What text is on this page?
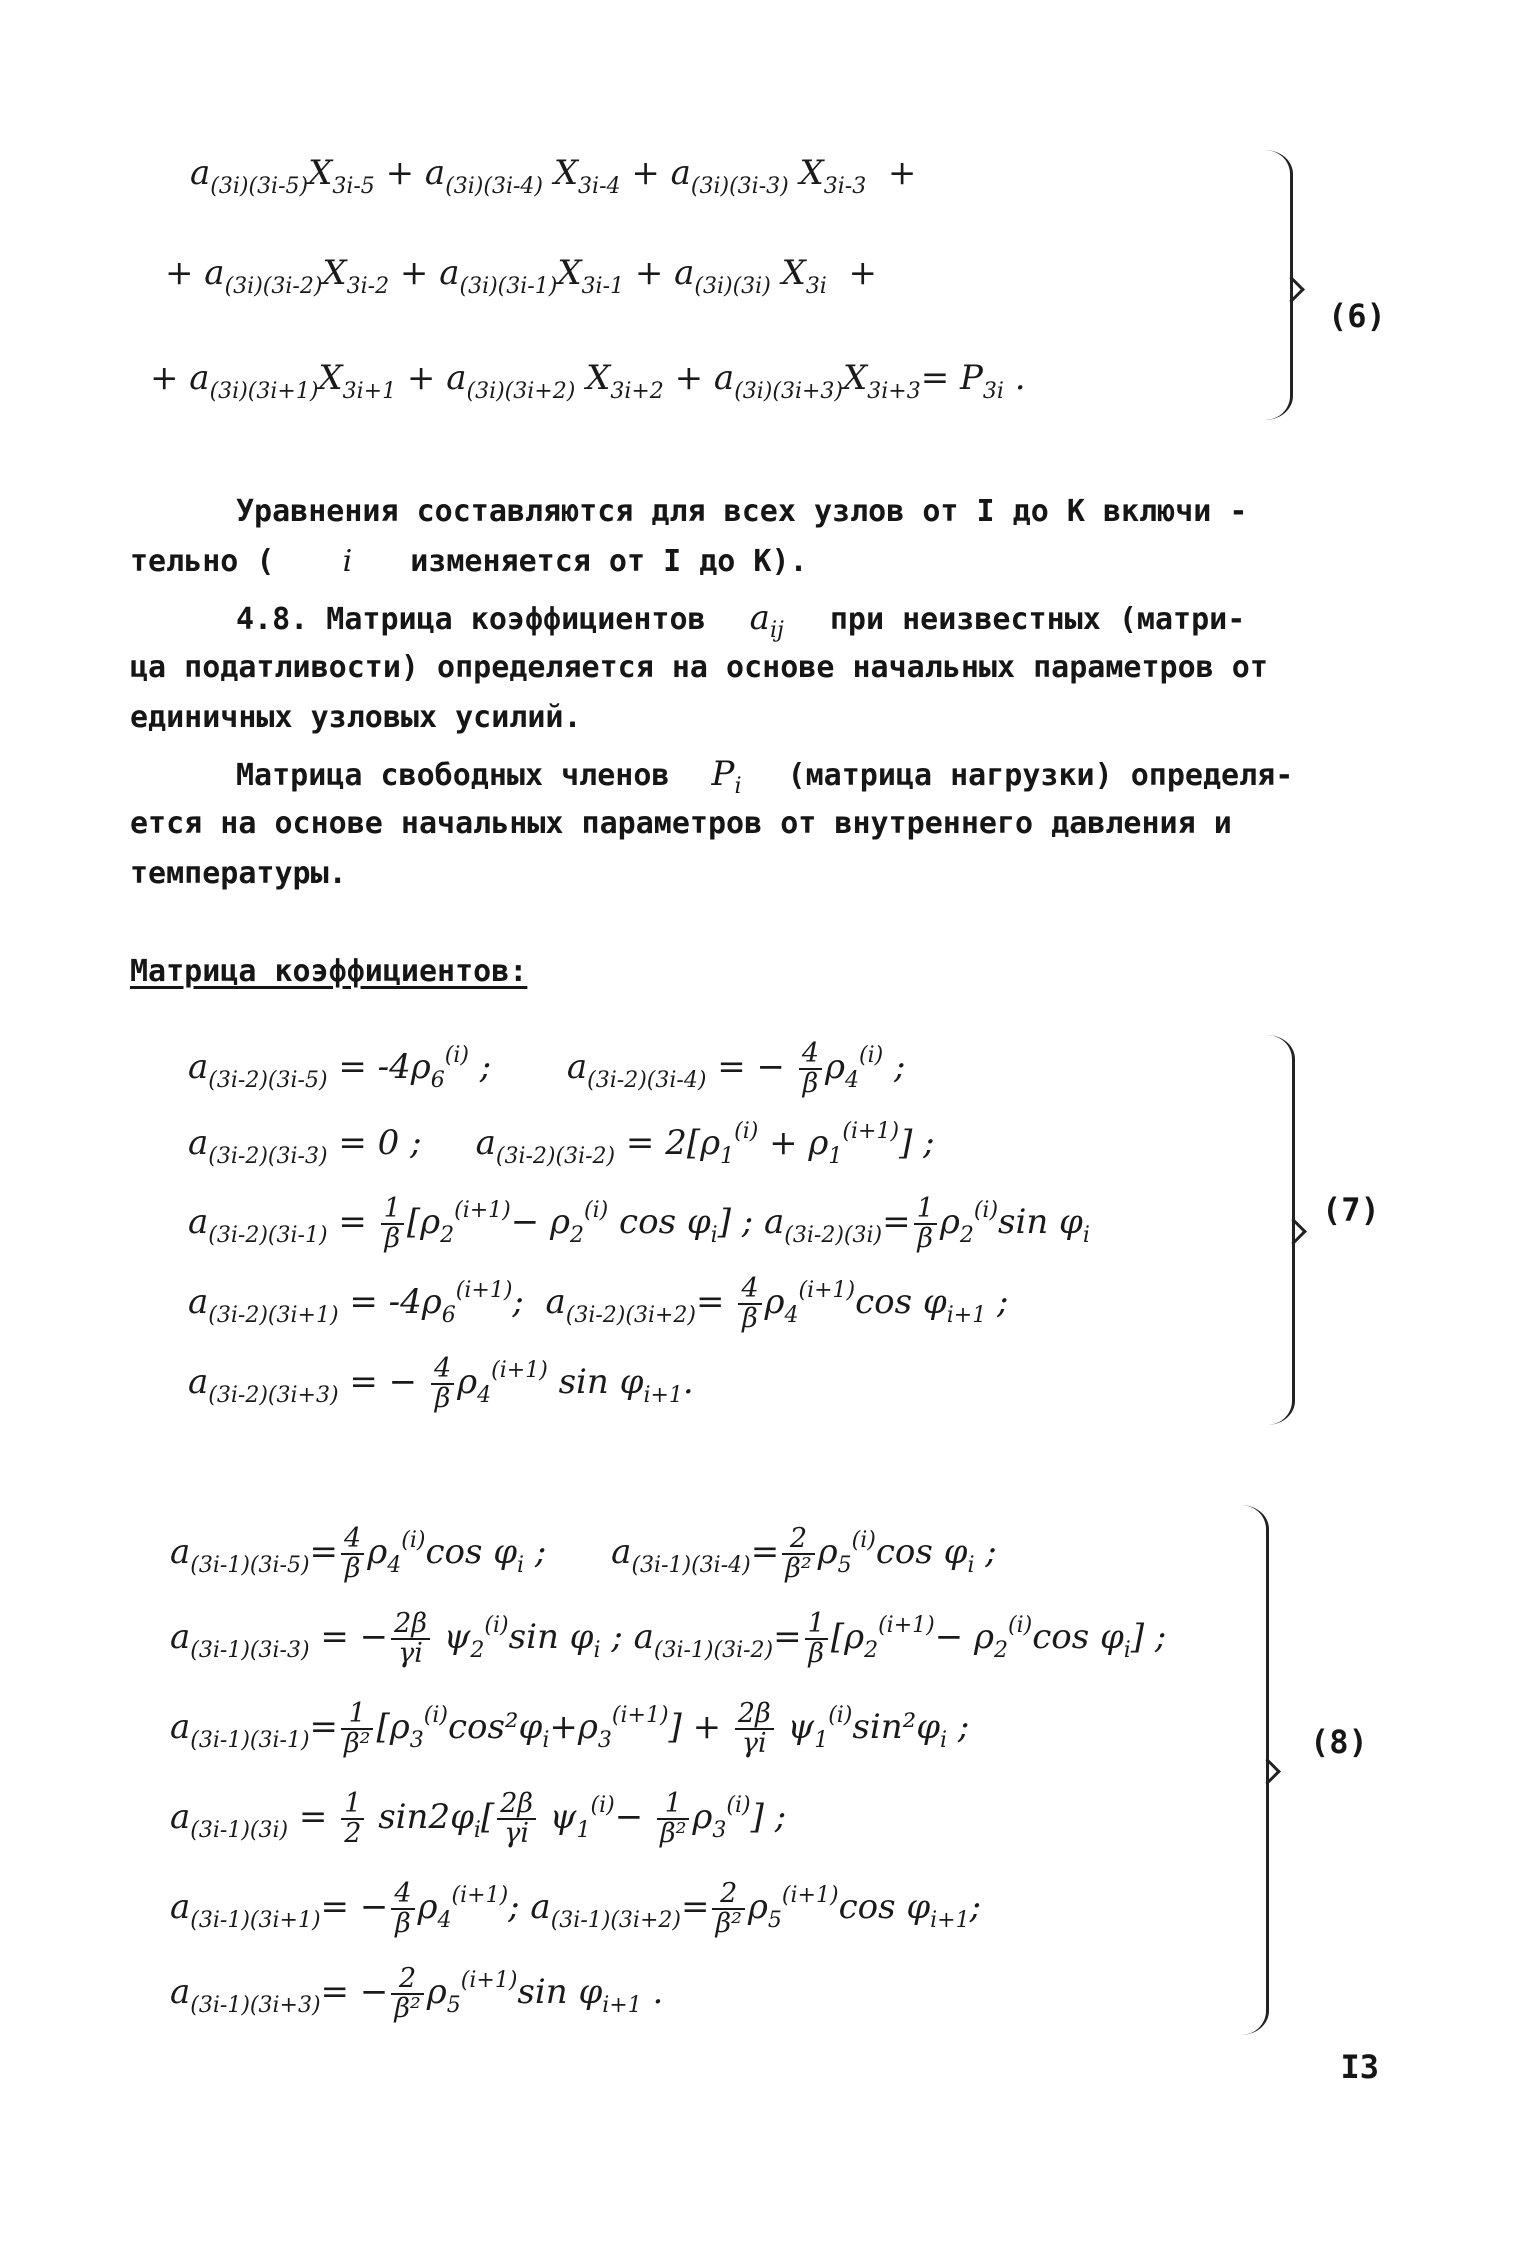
$a_{(3i)(3i-5)}X_{3i-5} + a_{(3i)(3i-4)}$ $X_{3i-4} + a_{(3i)(3i-3)}$ $X_{3i-3}$  +
+ $a_{(3i)(3i-2)}X_{3i-2} + a_{(3i)(3i-1)}X_{3i-1} + a_{(3i)(3i)}$ $X_{3i}$  +
+ $a_{(3i)(3i+1)}X_{3i+1} + a_{(3i)(3i+2)}$ $X_{3i+2} + a_{(3i)(3i+3)}X_{3i+3}= P_{3i}$ .
(6)
Уравнения составляются для всех узлов от I до К включи -
тельно ( i изменяется от I до К).
4.8. Матрица коэффициентов $a_{ij}$ при неизвестных (матри-
ца податливости) определяется на основе начальных параметров от
единичных узловых усилий.
Матрица свободных членов $P_i$ (матрица нагрузки) определя-
ется на основе начальных параметров от внутреннего давления и
температуры.
Матрица коэффициентов:
$a_{(3i-2)(3i-5)} = -4\rho_6^{(i)}$ ;       $a_{(3i-2)(3i-4)}$ = − $\frac{4}{\beta} \rho_4^{(i)}$ ;
$a_{(3i-2)(3i-3)} = 0$ ;     $a_{(3i-2)(3i-2)} = 2[\rho_1^{(i)} + \rho_1^{(i+1)}]$ ;
$a_{(3i-2)(3i-1)} = \frac{1}{\beta} [\rho_2^{(i+1)}- \rho_2^{(i)}$ $\cos \varphi_i$] ; $a_{(3i-2)(3i)}= \frac{1}{\beta} \rho_2^{(i)}\sin$ $\varphi_i$
$a_{(3i-2)(3i+1)} = -4\rho_6^{(i+1)}$;  $a_{(3i-2)(3i+2)}= \frac{4}{\beta} \rho_4^{(i+1)}\cos$ $\varphi_{i+1}$ ;
$a_{(3i-2)(3i+3)}$ = − $\frac{4}{\beta} \rho_4^{(i+1)}$ $\sin \varphi_{i+1}$.
(7)
$a_{(3i-1)(3i-5)}= \frac{4}{\beta} \rho_4^{(i)}\cos$ $\varphi_i$ ;      $a_{(3i-1)(3i-4)}= \frac{2}{\text{β²}} \rho_5^{(i)}\cos$ $\varphi_i$ ;
$a_{(3i-1)(3i-3)}$ = − $\frac{2\beta}{\gamma i} \psi_2^{(i)}\sin$ $\varphi_i$ ; $a_{(3i-1)(3i-2)}= \frac{1}{\beta} [\rho_2^{(i+1)}- \rho_2^{(i)}\cos$ $\varphi_i$] ;
$a_{(3i-1)(3i-1)}= \frac{1}{\text{β²}} [\rho_3^{(i)}\cos^2\varphi_i+\rho_3^{(i+1)}] + \frac{2\beta}{\gamma i} \psi_1^{(i)}\sin^2\varphi_i$ ;
$a_{(3i-1)(3i)} = \frac{1}{2} \sin 2\varphi_i[ \frac{2\beta}{\gamma i} \psi_1^{(i)}- \frac{1}{\text{β²}} \rho_3^{(i)}]$ ;
$a_{(3i-1)(3i+1)}= - \frac{4}{\beta} \rho_4^{(i+1)}$; $a_{(3i-1)(3i+2)}= \frac{2}{\text{β²}} \rho_5^{(i+1)}\cos$ $\varphi_{i+1}$;
$a_{(3i-1)(3i+3)}= - \frac{2}{\text{β²}} \rho_5^{(i+1)}\sin$ $\varphi_{i+1}$ .
(8)
I3
